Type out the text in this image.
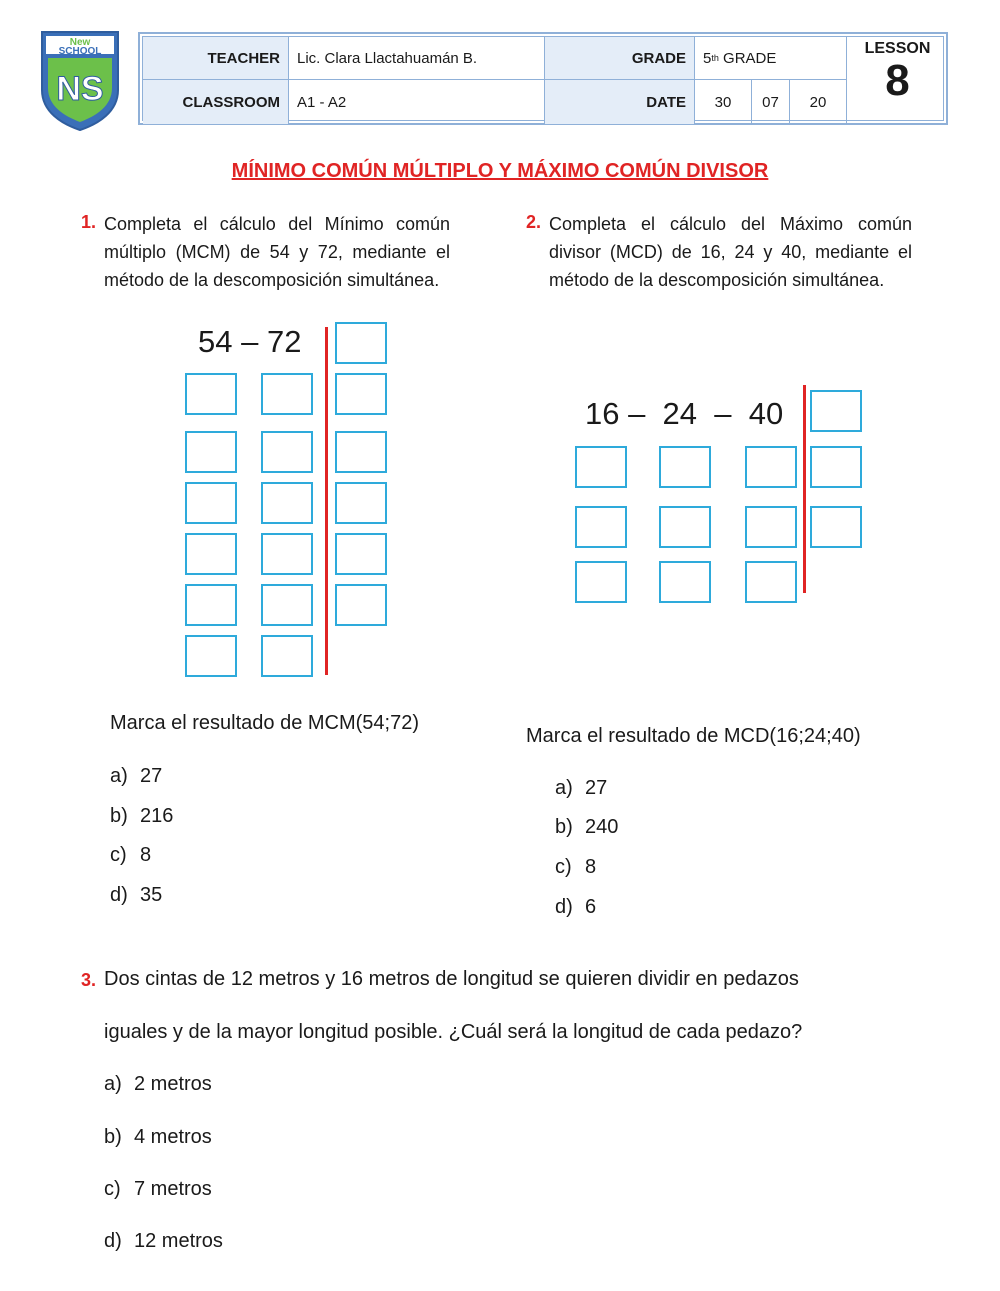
New
SCHOOL
NS
TEACHER	Lic. Clara Llactahuamán B.	GRADE	5 th
GRADE
CLASSROOM	A1 - A2	DATE	30	07	20
LESSON
8
MÍNIMO COMÚN MÚLTIPLO Y MÁXIMO COMÚN DIVISOR
1. Completa el cálculo del Mínimo común múltiplo (MCM) de 54 y 72, mediante el método de la descomposición simultánea.
54 – 72
Marca el resultado de MCM(54;72)
a) 27
b) 216
c) 8
d) 35
2. Completa el cálculo del Máximo común divisor (MCD) de 16, 24 y 40, mediante el método de la descomposición simultánea.
16 –  24  –  40
Marca el resultado de MCD(16;24;40)
a) 27
b) 240
c) 8
d) 6
3. Dos cintas de 12 metros y 16 metros de longitud se quieren dividir en pedazos
iguales y de la mayor longitud posible. ¿Cuál será la longitud de cada pedazo?
a) 2 metros
b) 4 metros
c) 7 metros
d) 12 metros
